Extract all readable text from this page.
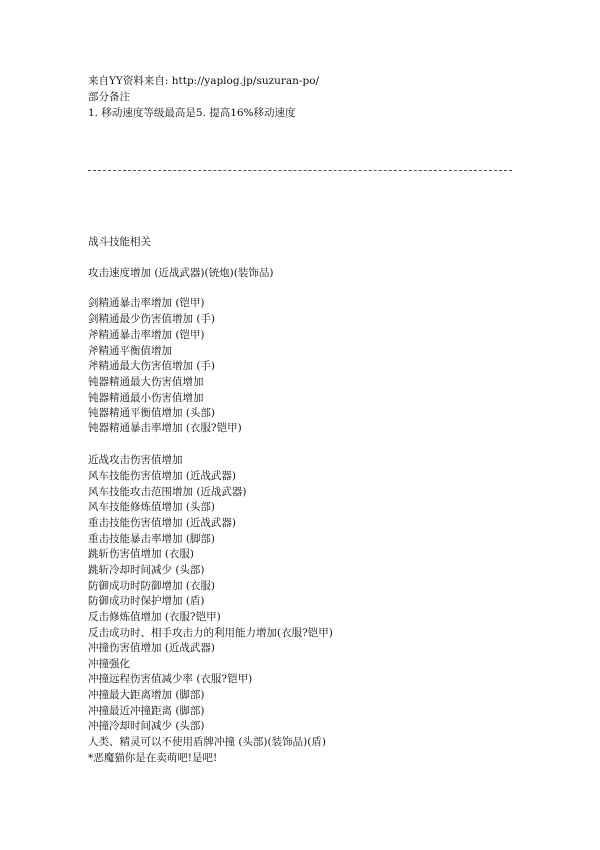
来自YY资料来自: http://yaplog.jp/suzuran-po/
部分备注
1. 移动速度等级最高是5. 提高16%移动速度
战斗技能相关
攻击速度增加 (近战武器)(铳炮)(装饰品)
剑精通暴击率增加 (铠甲)
剑精通最少伤害值增加 (手)
斧精通暴击率增加 (铠甲)
斧精通平衡值增加
斧精通最大伤害值增加 (手)
钝器精通最大伤害值增加
钝器精通最小伤害值增加
钝器精通平衡值增加 (头部)
钝器精通暴击率增加 (衣服?铠甲)
近战攻击伤害值增加
风车技能伤害值增加 (近战武器)
风车技能攻击范围增加 (近战武器)
风车技能修炼值增加 (头部)
重击技能伤害值增加 (近战武器)
重击技能暴击率增加 (脚部)
跳斩伤害值增加 (衣服)
跳斩冷却时间减少 (头部)
防御成功时防御增加 (衣服)
防御成功时保护增加 (盾)
反击修炼值增加 (衣服?铠甲)
反击成功时、相手攻击力的利用能力增加(衣服?铠甲)
冲撞伤害值增加 (近战武器)
冲撞强化
冲撞远程伤害值减少率 (衣服?铠甲)
冲撞最大距离增加 (脚部)
冲撞最近冲撞距离 (脚部)
冲撞冷却时间减少 (头部)
人类、精灵可以不使用盾牌冲撞 (头部)(装饰品)(盾)
*恶魔猫你是在卖萌吧!是吧!
